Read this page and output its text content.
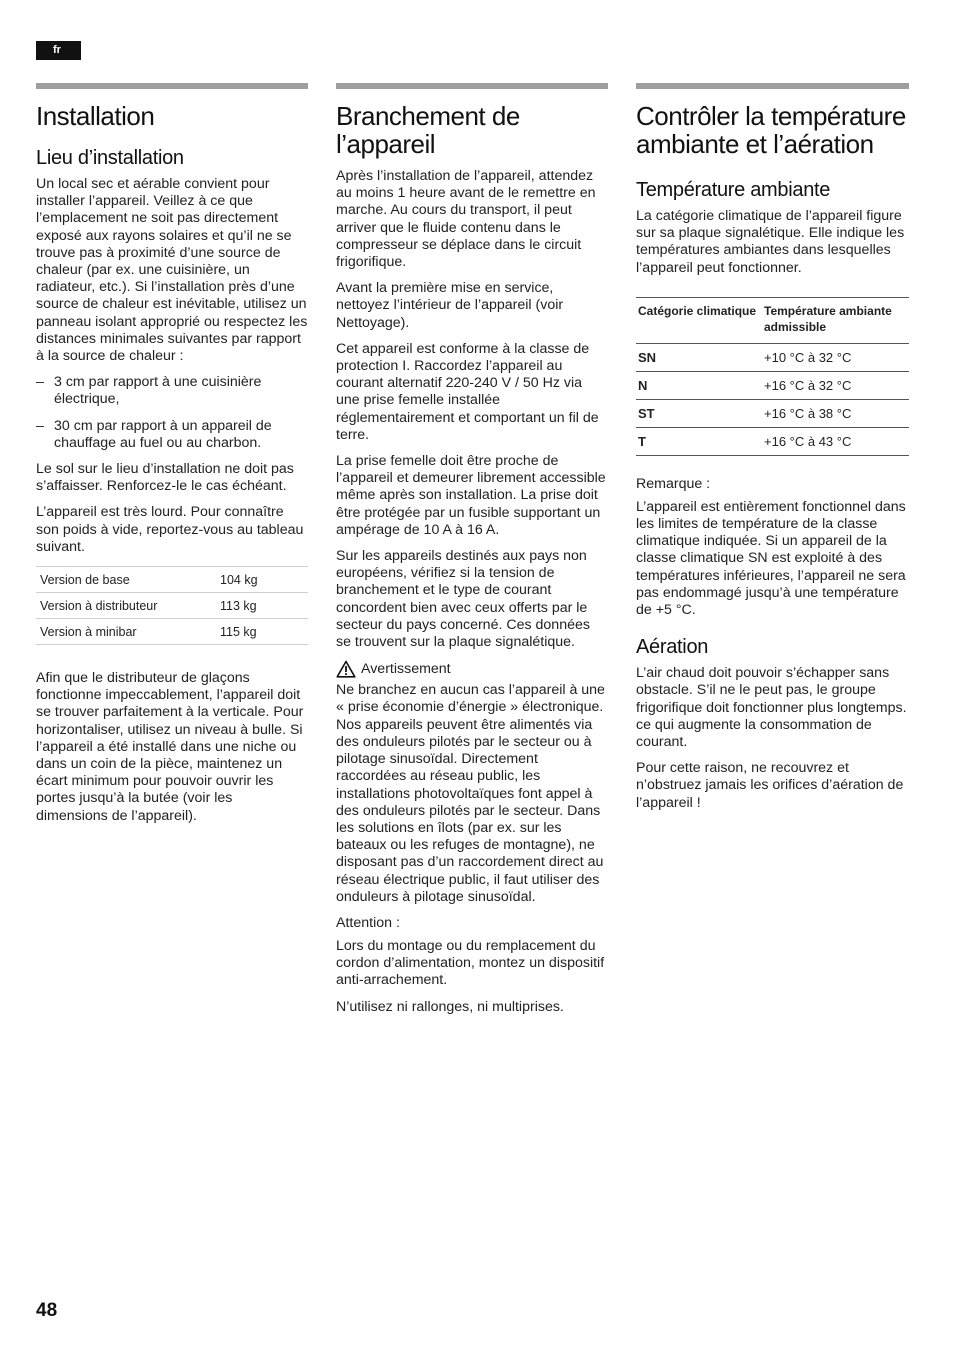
fr
Installation
Lieu d’installation

Un local sec et aérable convient pour installer l’appareil. Veillez à ce que l’emplacement ne soit pas directement exposé aux rayons solaires et qu’il ne se trouve pas à proximité d’une source de chaleur (par ex. une cuisinière, un radiateur, etc.). Si l’installation près d’une source de chaleur est inévitable, utilisez un panneau isolant approprié ou respectez les distances minimales suivantes par rapport à la source de chaleur :

– 3 cm par rapport à une cuisinière électrique,
– 30 cm par rapport à un appareil de chauffage au fuel ou au charbon.

Le sol sur le lieu d’installation ne doit pas s’affaisser. Renforcez-le le cas échéant.

L’appareil est très lourd. Pour connaître son poids à vide, reportez-vous au tableau suivant.

Version de base	104 kg
Version à distributeur	113 kg
Version à minibar	115 kg

Afin que le distributeur de glaçons fonctionne impeccablement, l’appareil doit se trouver parfaitement à la verticale. Pour horizontaliser, utilisez un niveau à bulle. Si l’appareil a été installé dans une niche ou dans un coin de la pièce, maintenez un écart minimum pour pouvoir ouvrir les portes jusqu’à la butée (voir les dimensions de l’appareil).

Branchement de l’appareil

Après l’installation de l’appareil, attendez au moins 1 heure avant de le remettre en marche. Au cours du transport, il peut arriver que le fluide contenu dans le compresseur se déplace dans le circuit frigorifique.

Avant la première mise en service, nettoyez l’intérieur de l’appareil (voir Nettoyage).

Cet appareil est conforme à la classe de protection I. Raccordez l’appareil au courant alternatif 220-240 V / 50 Hz via une prise femelle installée réglementairement et comportant un fil de terre.

La prise femelle doit être proche de l’appareil et demeurer librement accessible même après son installation. La prise doit être protégée par un fusible supportant un ampérage de 10 A à 16 A.

Sur les appareils destinés aux pays non européens, vérifiez si la tension de branchement et le type de courant concordent bien avec ceux offerts par le secteur du pays concerné. Ces données se trouvent sur la plaque signalétique.

Avertissement

Ne branchez en aucun cas l’appareil à une « prise économie d’énergie » électronique. Nos appareils peuvent être alimentés via des onduleurs pilotés par le secteur ou à pilotage sinusoïdal. Directement raccordées au réseau public, les installations photovoltaïques font appel à des onduleurs pilotés par le secteur. Dans les solutions en îlots (par ex. sur les bateaux ou les refuges de montagne), ne disposant pas d’un raccordement direct au réseau électrique public, il faut utiliser des onduleurs à pilotage sinusoïdal.

Attention :

Lors du montage ou du remplacement du cordon d’alimentation, montez un dispositif anti-arrachement.

N’utilisez ni rallonges, ni multiprises.

Contrôler la température ambiante et l’aération
Température ambiante

La catégorie climatique de l’appareil figure sur sa plaque signalétique. Elle indique les températures ambiantes dans lesquelles l’appareil peut fonctionner.

Catégorie climatique	Température ambiante admissible
SN	+10 °C à 32 °C
N	+16 °C à 32 °C
ST	+16 °C à 38 °C
T	+16 °C à 43 °C
Remarque :

L’appareil est entièrement fonctionnel dans les limites de température de la classe climatique indiquée. Si un appareil de la classe climatique SN est exploité à des températures inférieures, l’appareil ne sera pas endommagé jusqu’à une température de +5 °C.

Aération

L’air chaud doit pouvoir s’échapper sans obstacle. S’il ne le peut pas, le groupe frigorifique doit fonctionner plus longtemps. ce qui augmente la consommation de courant.

Pour cette raison, ne recouvrez et n’obstruez jamais les orifices d’aération de l’appareil !

48
